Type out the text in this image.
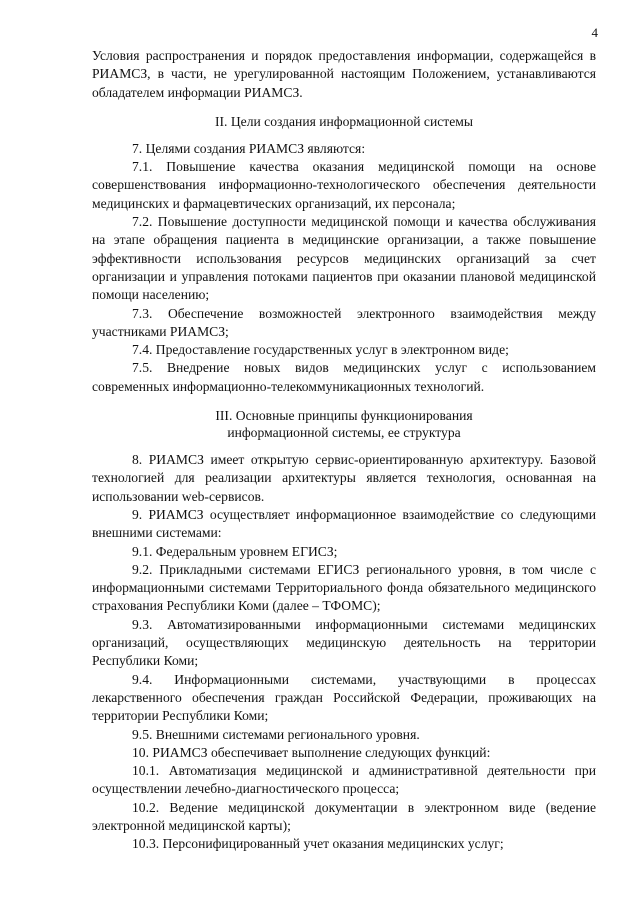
4

Условия распространения и порядок предоставления информации, содержащейся в РИАМСЗ, в части, не урегулированной настоящим Положением, устанавливаются обладателем информации РИАМСЗ.

II. Цели создания информационной системы

7. Целями создания РИАМСЗ являются:

7.1. Повышение качества оказания медицинской помощи на основе совершенствования информационно-технологического обеспечения деятельности медицинских и фармацевтических организаций, их персонала;

7.2. Повышение доступности медицинской помощи и качества обслуживания на этапе обращения пациента в медицинские организации, а также повышение эффективности использования ресурсов медицинских организаций за счет организации и управления потоками пациентов при оказании плановой медицинской помощи населению;

7.3. Обеспечение возможностей электронного взаимодействия между участниками РИАМСЗ;

7.4. Предоставление государственных услуг в электронном виде;

7.5. Внедрение новых видов медицинских услуг с использованием современных информационно-телекоммуникационных технологий.

III. Основные принципы функционирования
информационной системы, ее структура

8. РИАМСЗ имеет открытую сервис-ориентированную архитектуру. Базовой технологией для реализации архитектуры является технология, основанная на использовании web-сервисов.

9. РИАМСЗ осуществляет информационное взаимодействие со следующими внешними системами:

9.1. Федеральным уровнем ЕГИСЗ;

9.2. Прикладными системами ЕГИСЗ регионального уровня, в том числе с информационными системами Территориального фонда обязательного медицинского страхования Республики Коми (далее – ТФОМС);

9.3. Автоматизированными информационными системами медицинских организаций, осуществляющих медицинскую деятельность на территории Республики Коми;

9.4. Информационными системами, участвующими в процессах лекарственного обеспечения граждан Российской Федерации, проживающих на территории Республики Коми;

9.5. Внешними системами регионального уровня.

10. РИАМСЗ обеспечивает выполнение следующих функций:

10.1. Автоматизация медицинской и административной деятельности при осуществлении лечебно-диагностического процесса;

10.2. Ведение медицинской документации в электронном виде (ведение электронной медицинской карты);

10.3. Персонифицированный учет оказания медицинских услуг;
